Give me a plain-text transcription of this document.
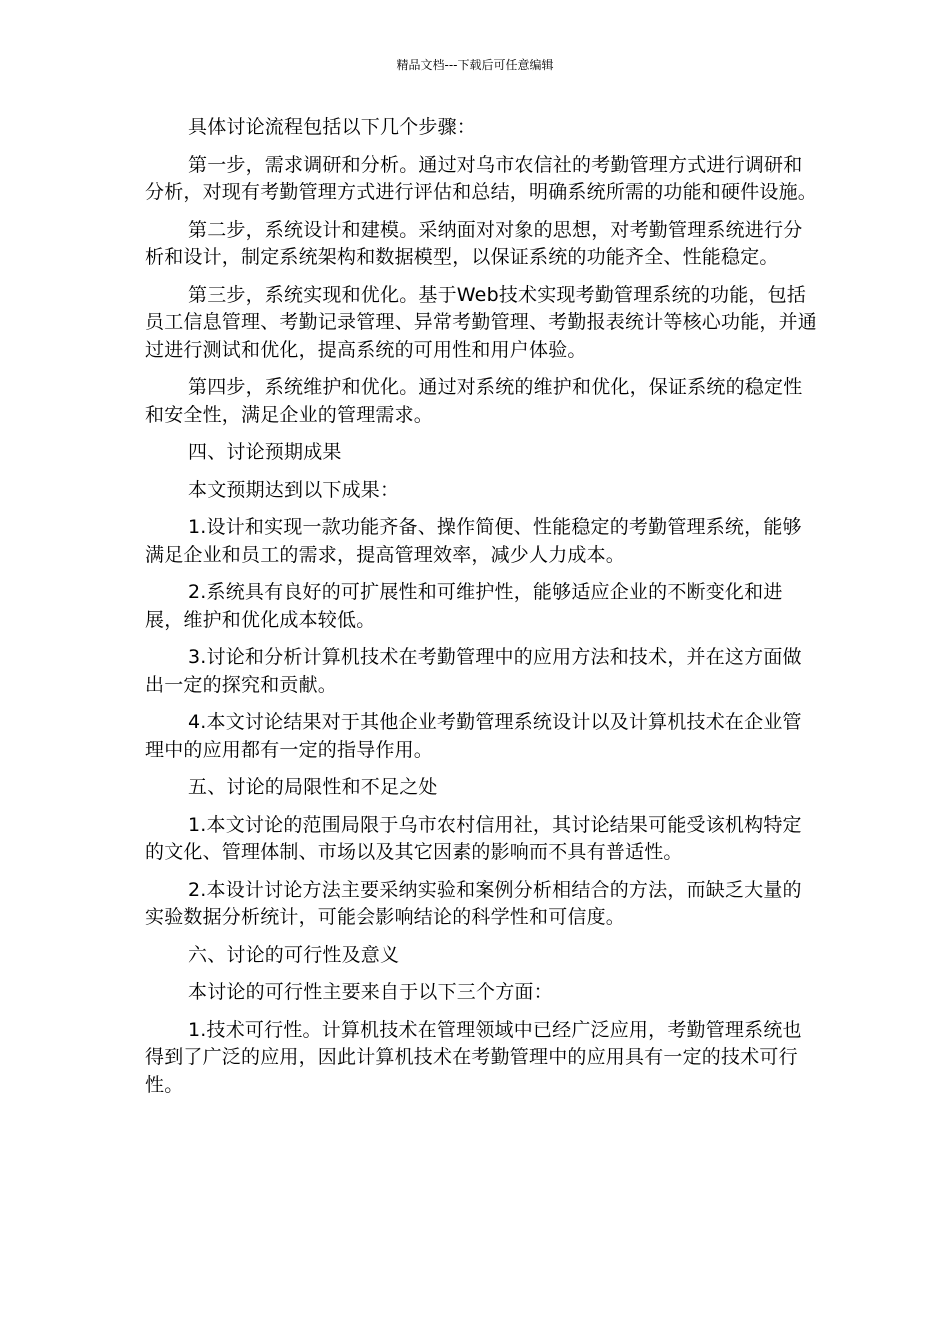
精品文档---下载后可任意编辑

具体讨论流程包括以下几个步骤：

第一步，需求调研和分析。通过对乌市农信社的考勤管理方式进行调研和分析，对现有考勤管理方式进行评估和总结，明确系统所需的功能和硬件设施。

第二步，系统设计和建模。采纳面对对象的思想，对考勤管理系统进行分析和设计，制定系统架构和数据模型，以保证系统的功能齐全、性能稳定。

第三步，系统实现和优化。基于Web技术实现考勤管理系统的功能，包括员工信息管理、考勤记录管理、异常考勤管理、考勤报表统计等核心功能，并通过进行测试和优化，提高系统的可用性和用户体验。

第四步，系统维护和优化。通过对系统的维护和优化，保证系统的稳定性和安全性，满足企业的管理需求。

四、讨论预期成果

本文预期达到以下成果：

1.设计和实现一款功能齐备、操作简便、性能稳定的考勤管理系统，能够满足企业和员工的需求，提高管理效率，减少人力成本。

2.系统具有良好的可扩展性和可维护性，能够适应企业的不断变化和进展，维护和优化成本较低。

3.讨论和分析计算机技术在考勤管理中的应用方法和技术，并在这方面做出一定的探究和贡献。

4.本文讨论结果对于其他企业考勤管理系统设计以及计算机技术在企业管理中的应用都有一定的指导作用。

五、讨论的局限性和不足之处

1.本文讨论的范围局限于乌市农村信用社，其讨论结果可能受该机构特定的文化、管理体制、市场以及其它因素的影响而不具有普适性。

2.本设计讨论方法主要采纳实验和案例分析相结合的方法，而缺乏大量的实验数据分析统计，可能会影响结论的科学性和可信度。

六、讨论的可行性及意义

本讨论的可行性主要来自于以下三个方面：

1.技术可行性。计算机技术在管理领域中已经广泛应用，考勤管理系统也得到了广泛的应用，因此计算机技术在考勤管理中的应用具有一定的技术可行性。
